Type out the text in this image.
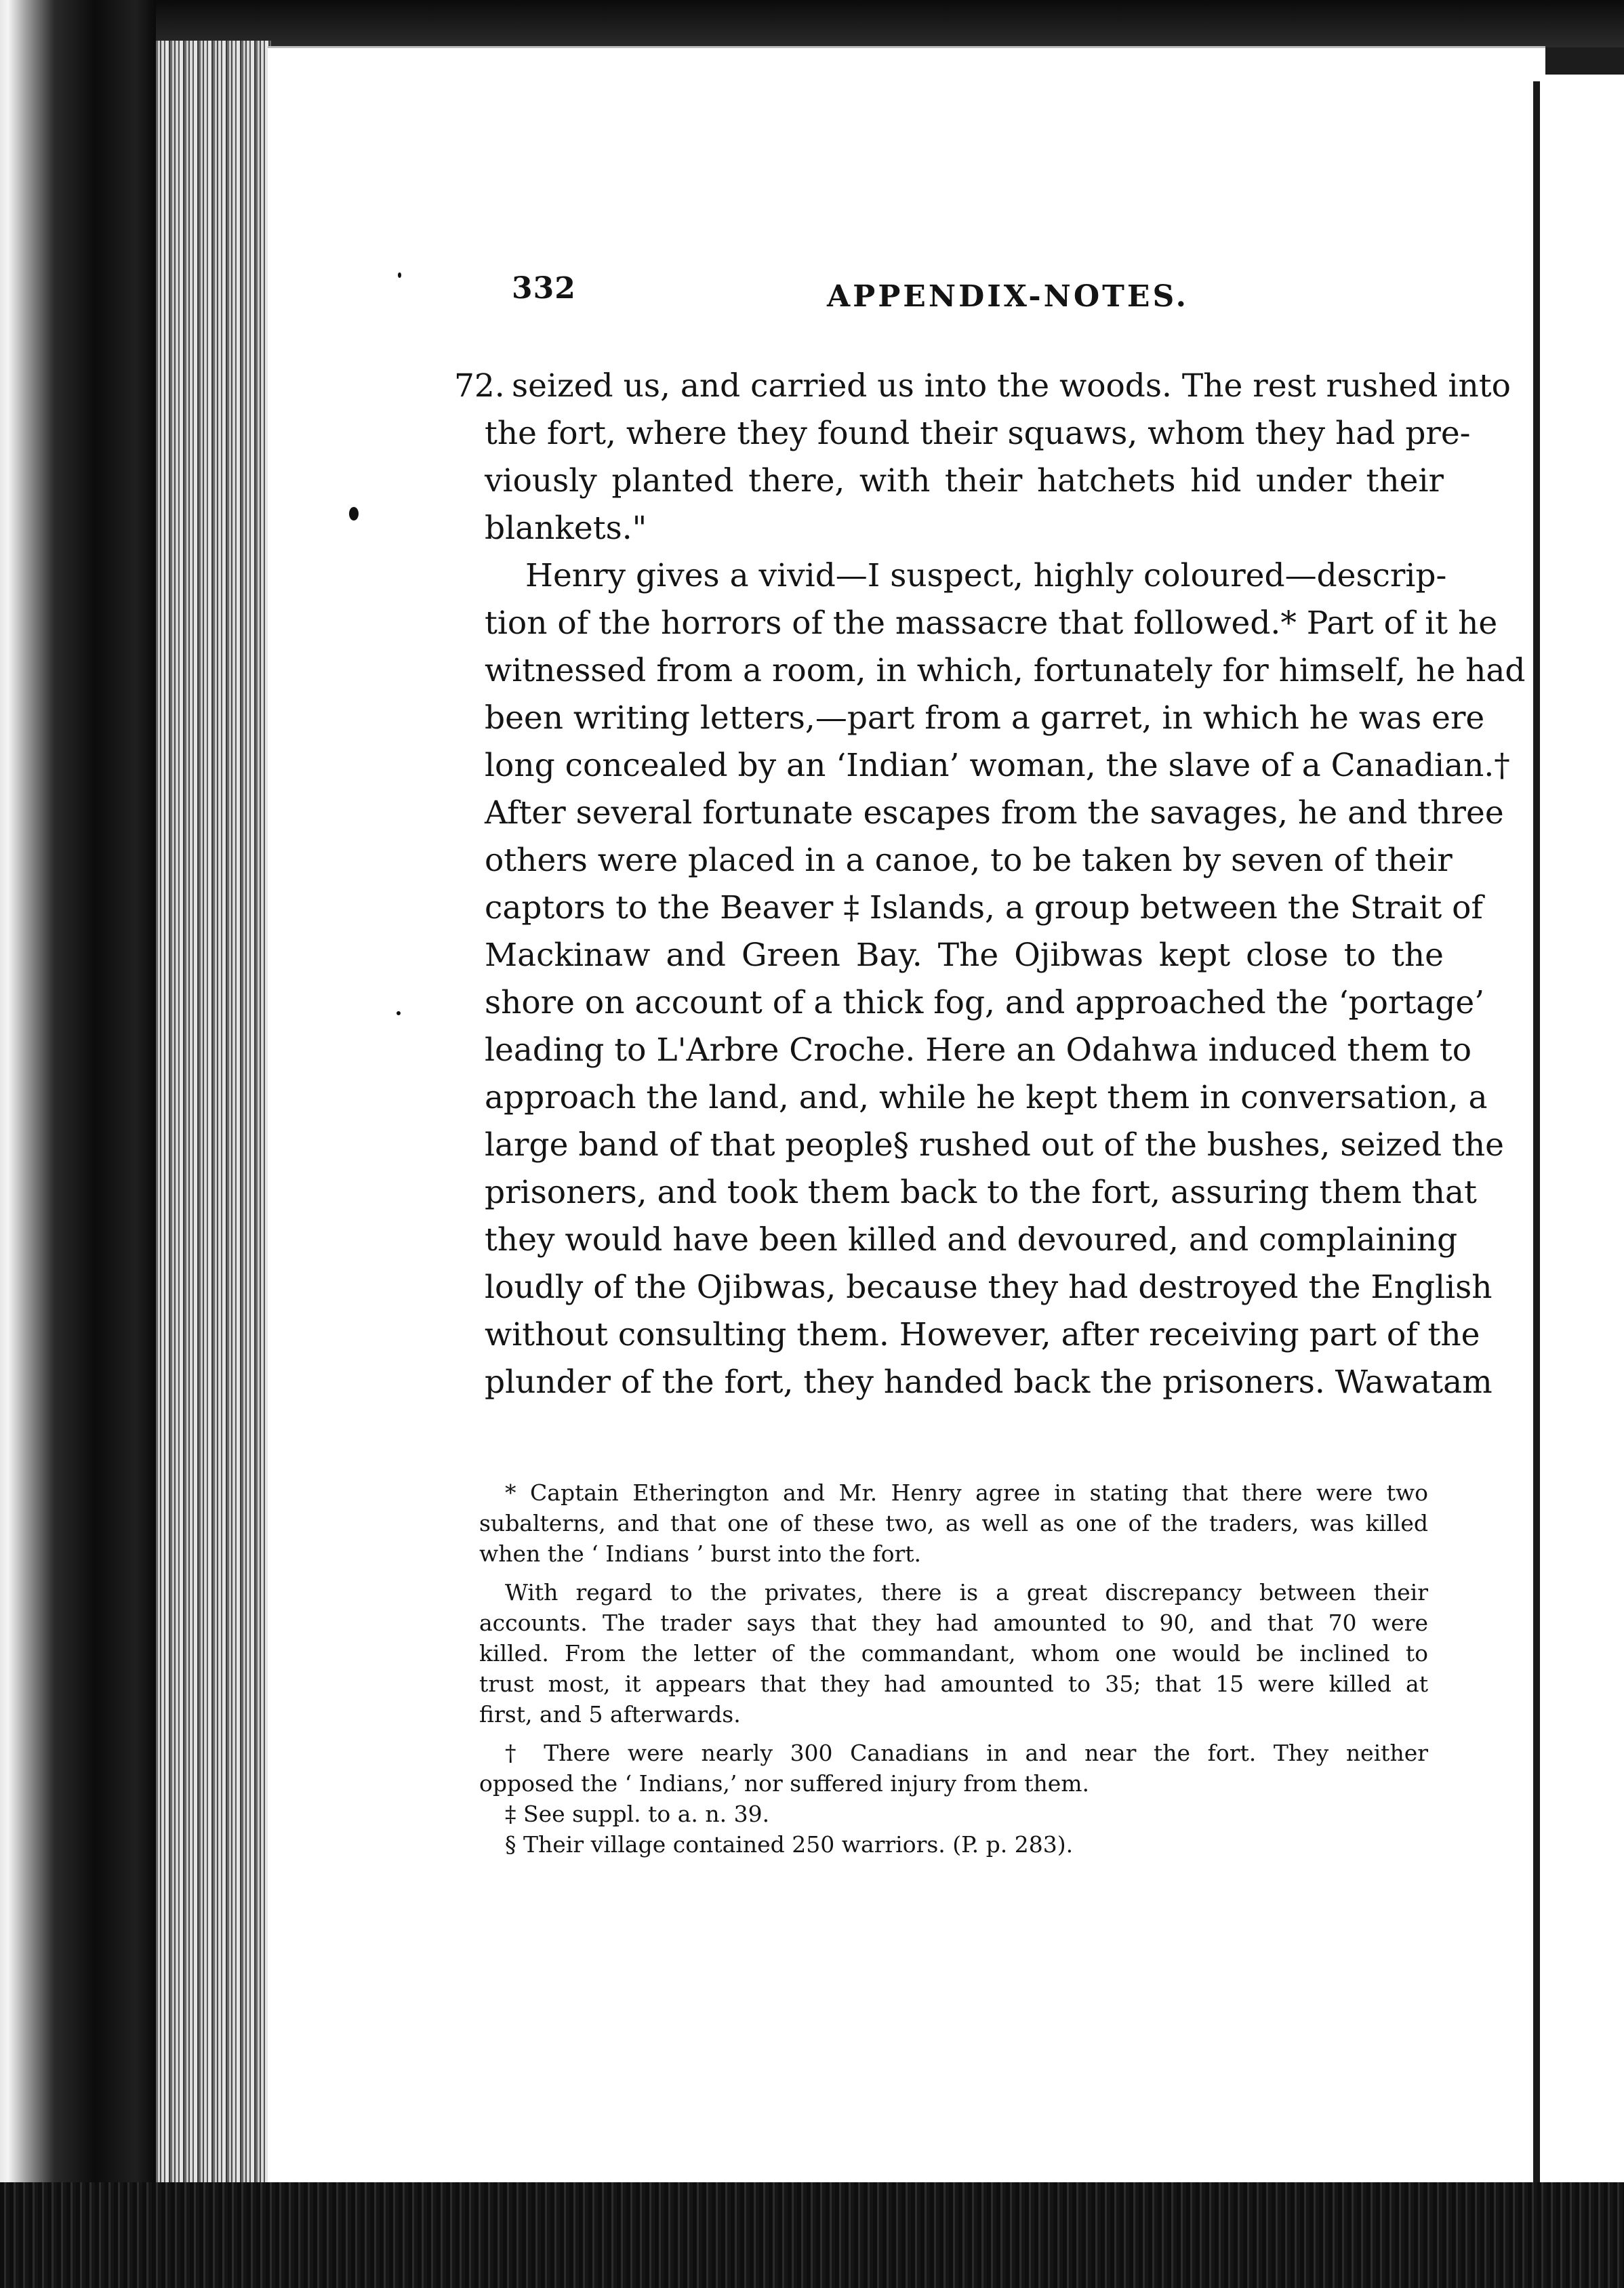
332	APPENDIX-NOTES.
72. seized us, and carried us into the woods. The rest rushed into
the fort, where they found their squaws, whom they had pre-
viously planted there, with their hatchets hid under their
blankets."
Henry gives a vivid—I suspect, highly coloured—descrip-
tion of the horrors of the massacre that followed.* Part of it he
witnessed from a room, in which, fortunately for himself, he had
been writing letters,—part from a garret, in which he was ere
long concealed by an ‘Indian’ woman, the slave of a Canadian.†
After several fortunate escapes from the savages, he and three
others were placed in a canoe, to be taken by seven of their
captors to the Beaver ‡ Islands, a group between the Strait of
Mackinaw and Green Bay. The Ojibwas kept close to the
shore on account of a thick fog, and approached the ‘portage’
leading to L'Arbre Croche. Here an Odahwa induced them to
approach the land, and, while he kept them in conversation, a
large band of that people§ rushed out of the bushes, seized the
prisoners, and took them back to the fort, assuring them that
they would have been killed and devoured, and complaining
loudly of the Ojibwas, because they had destroyed the English
without consulting them. However, after receiving part of the
plunder of the fort, they handed back the prisoners. Wawatam
* Captain Etherington and Mr. Henry agree in stating that there were two
subalterns, and that one of these two, as well as one of the traders, was killed
when the ‘ Indians ’ burst into the fort.
With regard to the privates, there is a great discrepancy between their
accounts. The trader says that they had amounted to 90, and that 70 were
killed. From the letter of the commandant, whom one would be inclined to
trust most, it appears that they had amounted to 35; that 15 were killed at
first, and 5 afterwards.
† There were nearly 300 Canadians in and near the fort. They neither
opposed the ‘ Indians,’ nor suffered injury from them.
‡ See suppl. to a. n. 39.
§ Their village contained 250 warriors. (P. p. 283).
